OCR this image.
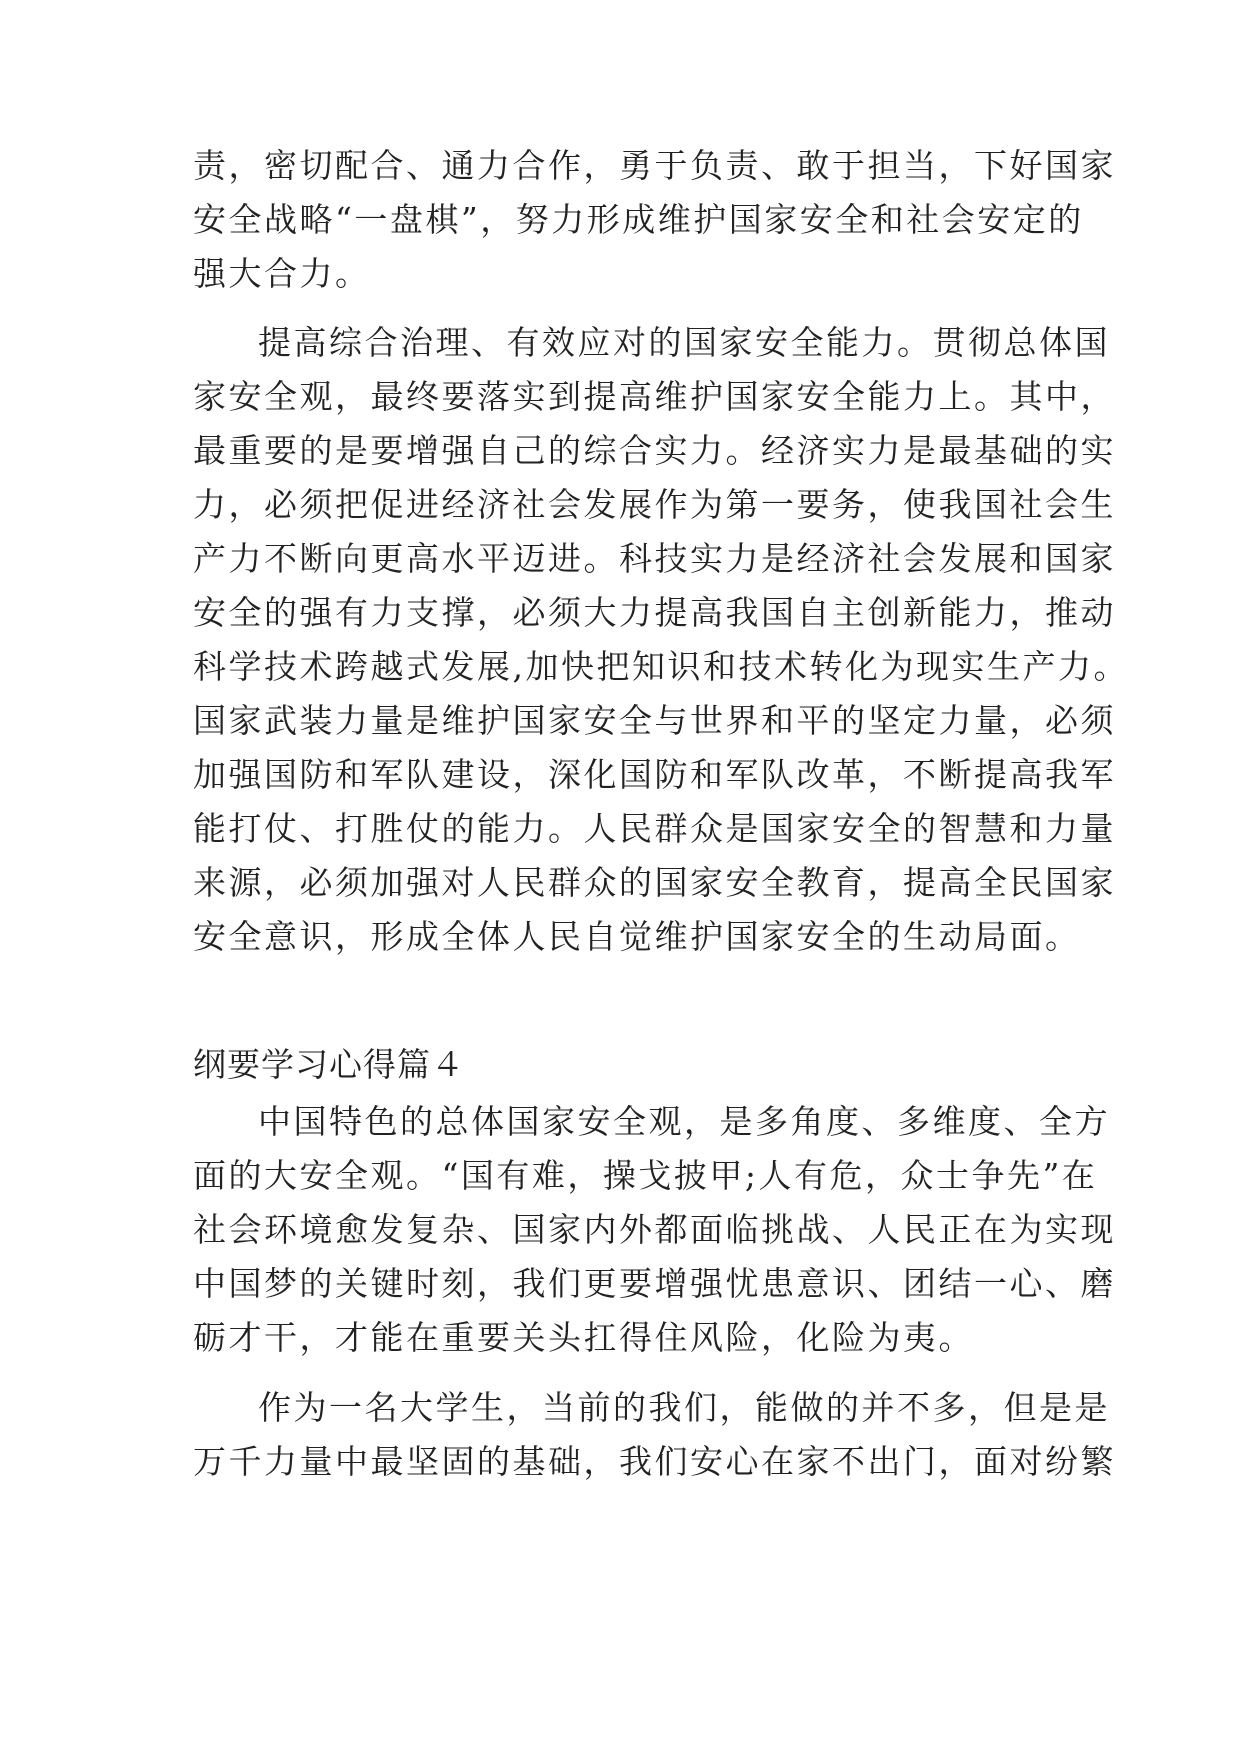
责，密切配合、通力合作，勇于负责、敢于担当，下好国家
安全战略“一盘棋”，努力形成维护国家安全和社会安定的
强大合力。
提高综合治理、有效应对的国家安全能力。贯彻总体国
家安全观，最终要落实到提高维护国家安全能力上。其中，
最重要的是要增强自己的综合实力。经济实力是最基础的实
力，必须把促进经济社会发展作为第一要务，使我国社会生
产力不断向更高水平迈进。科技实力是经济社会发展和国家
安全的强有力支撑，必须大力提高我国自主创新能力，推动
科学技术跨越式发展,加快把知识和技术转化为现实生产力。
国家武装力量是维护国家安全与世界和平的坚定力量，必须
加强国防和军队建设，深化国防和军队改革，不断提高我军
能打仗、打胜仗的能力。人民群众是国家安全的智慧和力量
来源，必须加强对人民群众的国家安全教育，提高全民国家
安全意识，形成全体人民自觉维护国家安全的生动局面。
纲要学习心得篇４
中国特色的总体国家安全观，是多角度、多维度、全方
面的大安全观。“国有难，操戈披甲;人有危，众士争先”在
社会环境愈发复杂、国家内外都面临挑战、人民正在为实现
中国梦的关键时刻，我们更要增强忧患意识、团结一心、磨
砺才干，才能在重要关头扛得住风险，化险为夷。
作为一名大学生，当前的我们，能做的并不多，但是是
万千力量中最坚固的基础，我们安心在家不出门，面对纷繁
